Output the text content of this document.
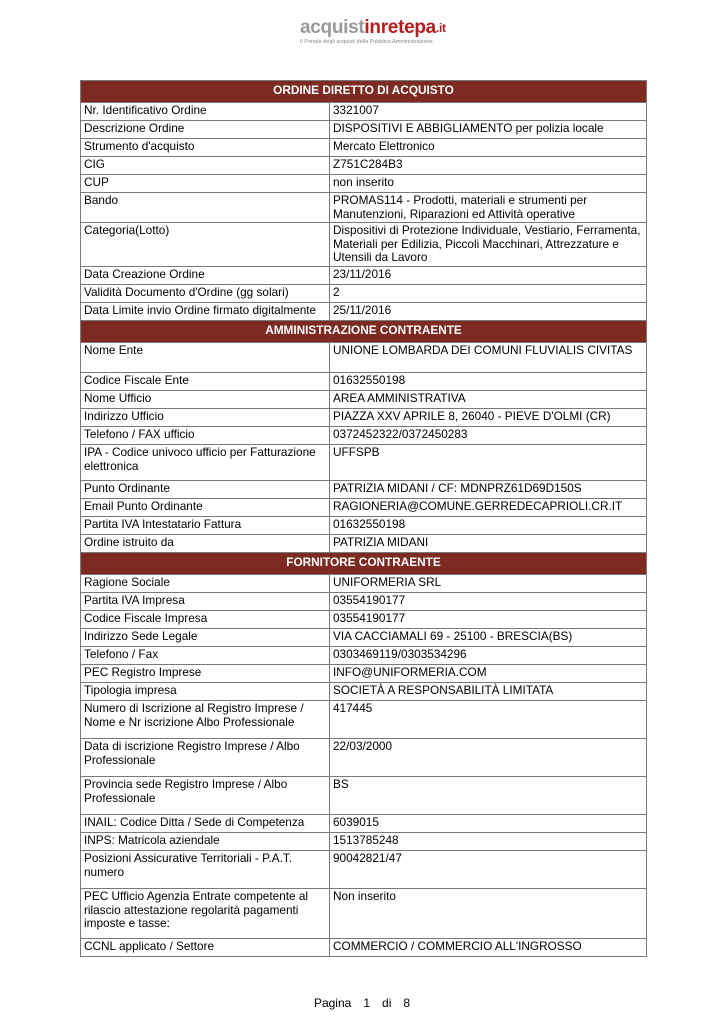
acquistinretepa$^{.it}$
Il Portale degli acquisti della Pubblica Amministrazione
ORDINE DIRETTO DI ACQUISTO	
Nr. Identificativo Ordine	3321007
Descrizione Ordine	DISPOSITIVI E ABBIGLIAMENTO per polizia locale
Strumento d'acquisto	Mercato Elettronico
CIG	Z751C284B3
CUP	non inserito
Bando	PROMAS114 - Prodotti, materiali e strumenti per Manutenzioni, Riparazioni ed Attività operative
Categoria(Lotto)	Dispositivi di Protezione Individuale, Vestiario, Ferramenta, Materiali per Edilizia, Piccoli Macchinari, Attrezzature e Utensili da Lavoro
Data Creazione Ordine	23/11/2016
Validità Documento d'Ordine (gg solari)	2
Data Limite invio Ordine firmato digitalmente	25/11/2016
AMMINISTRAZIONE CONTRAENTE	
Nome Ente	UNIONE LOMBARDA DEI COMUNI FLUVIALIS CIVITAS
Codice Fiscale Ente	01632550198
Nome Ufficio	AREA AMMINISTRATIVA
Indirizzo Ufficio	PIAZZA XXV APRILE 8, 26040 - PIEVE D'OLMI (CR)
Telefono / FAX ufficio	0372452322/0372450283
IPA - Codice univoco ufficio per Fatturazione elettronica	UFFSPB
Punto Ordinante	PATRIZIA MIDANI / CF: MDNPRZ61D69D150S
Email Punto Ordinante	RAGIONERIA@COMUNE.GERREDECAPRIOLI.CR.IT
Partita IVA Intestatario Fattura	01632550198
Ordine istruito da	PATRIZIA MIDANI
FORNITORE CONTRAENTE	
Ragione Sociale	UNIFORMERIA SRL
Partita IVA Impresa	03554190177
Codice Fiscale Impresa	03554190177
Indirizzo Sede Legale	VIA CACCIAMALI 69 - 25100 - BRESCIA(BS)
Telefono / Fax	0303469119/0303534296
PEC Registro Imprese	INFO@UNIFORMERIA.COM
Tipologia impresa	SOCIETÀ A RESPONSABILITÀ LIMITATA
Numero di Iscrizione al Registro Imprese / Nome e Nr iscrizione Albo Professionale	417445
Data di iscrizione Registro Imprese / Albo Professionale	22/03/2000
Provincia sede Registro Imprese / Albo Professionale	BS
INAIL: Codice Ditta / Sede di Competenza	6039015
INPS: Matricola aziendale	1513785248
Posizioni Assicurative Territoriali - P.A.T. numero	90042821/47
PEC Ufficio Agenzia Entrate competente al rilascio attestazione regolarità pagamenti imposte e tasse:	Non inserito
CCNL applicato / Settore	COMMERCIO / COMMERCIO ALL'INGROSSO
Pagina 1 di 8
